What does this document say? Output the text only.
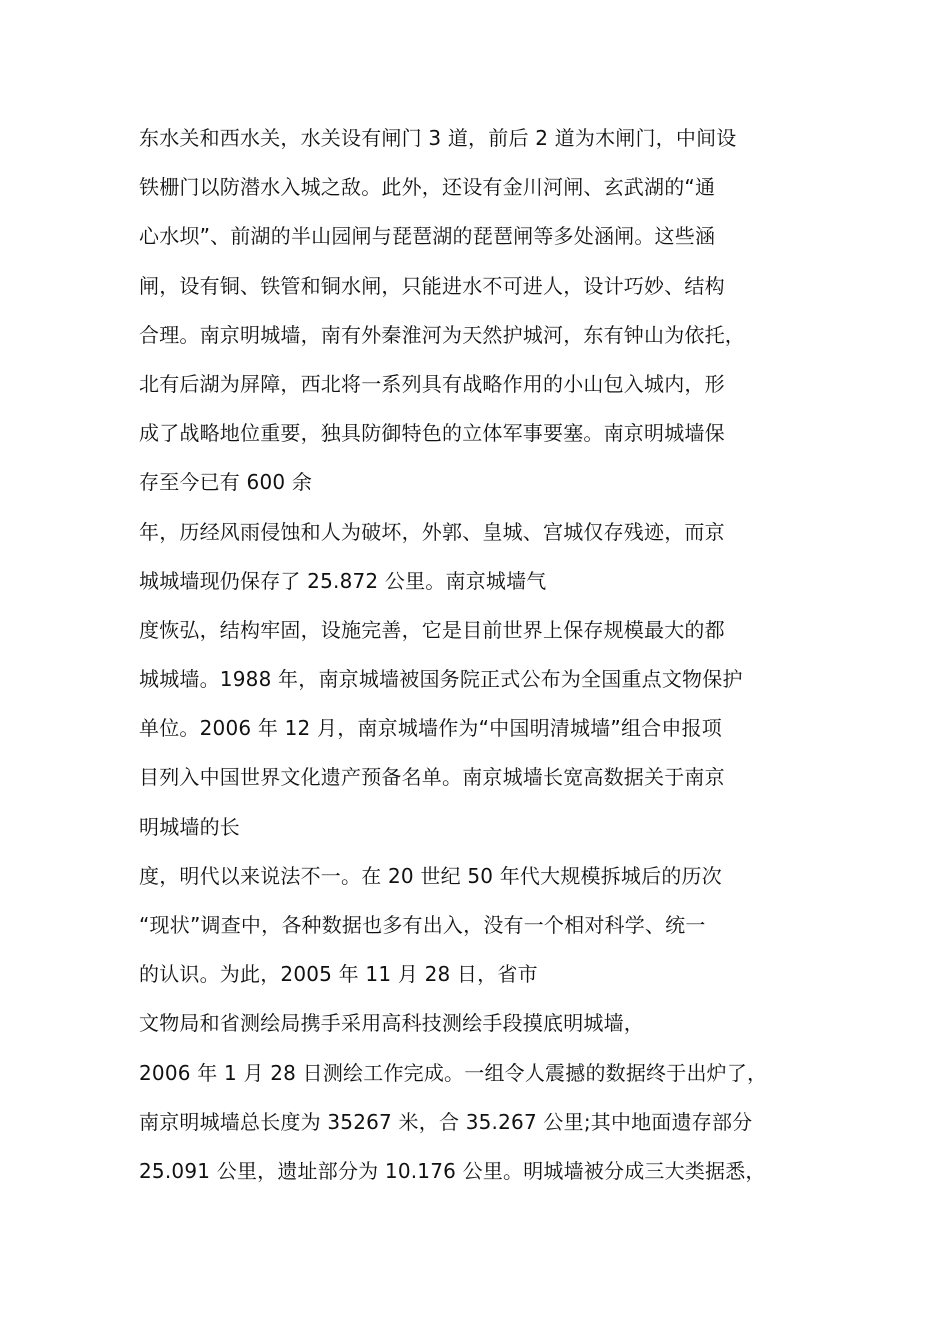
东水关和西水关，水关设有闸门 3 道，前后 2 道为木闸门，中间设
铁栅门以防潜水入城之敌。此外，还设有金川河闸、玄武湖的“通
心水坝”、前湖的半山园闸与琵琶湖的琵琶闸等多处涵闸。这些涵
闸，设有铜、铁管和铜水闸，只能进水不可进人，设计巧妙、结构
合理。南京明城墙，南有外秦淮河为天然护城河，东有钟山为依托，
北有后湖为屏障，西北将一系列具有战略作用的小山包入城内，形
成了战略地位重要，独具防御特色的立体军事要塞。南京明城墙保
存至今已有 600 余
年，历经风雨侵蚀和人为破坏，外郭、皇城、宫城仅存残迹，而京
城城墙现仍保存了 25.872 公里。南京城墙气
度恢弘，结构牢固，设施完善，它是目前世界上保存规模最大的都
城城墙。1988 年，南京城墙被国务院正式公布为全国重点文物保护
单位。2006 年 12 月，南京城墙作为“中国明清城墙”组合申报项
目列入中国世界文化遗产预备名单。南京城墙长宽高数据关于南京
明城墙的长
度，明代以来说法不一。在 20 世纪 50 年代大规模拆城后的历次
“现状”调查中，各种数据也多有出入，没有一个相对科学、统一
的认识。为此，2005 年 11 月 28 日，省市
文物局和省测绘局携手采用高科技测绘手段摸底明城墙，
2006 年 1 月 28 日测绘工作完成。一组令人震撼的数据终于出炉了，
南京明城墙总长度为 35267 米，合 35.267 公里;其中地面遗存部分
25.091 公里，遗址部分为 10.176 公里。明城墙被分成三大类据悉，
